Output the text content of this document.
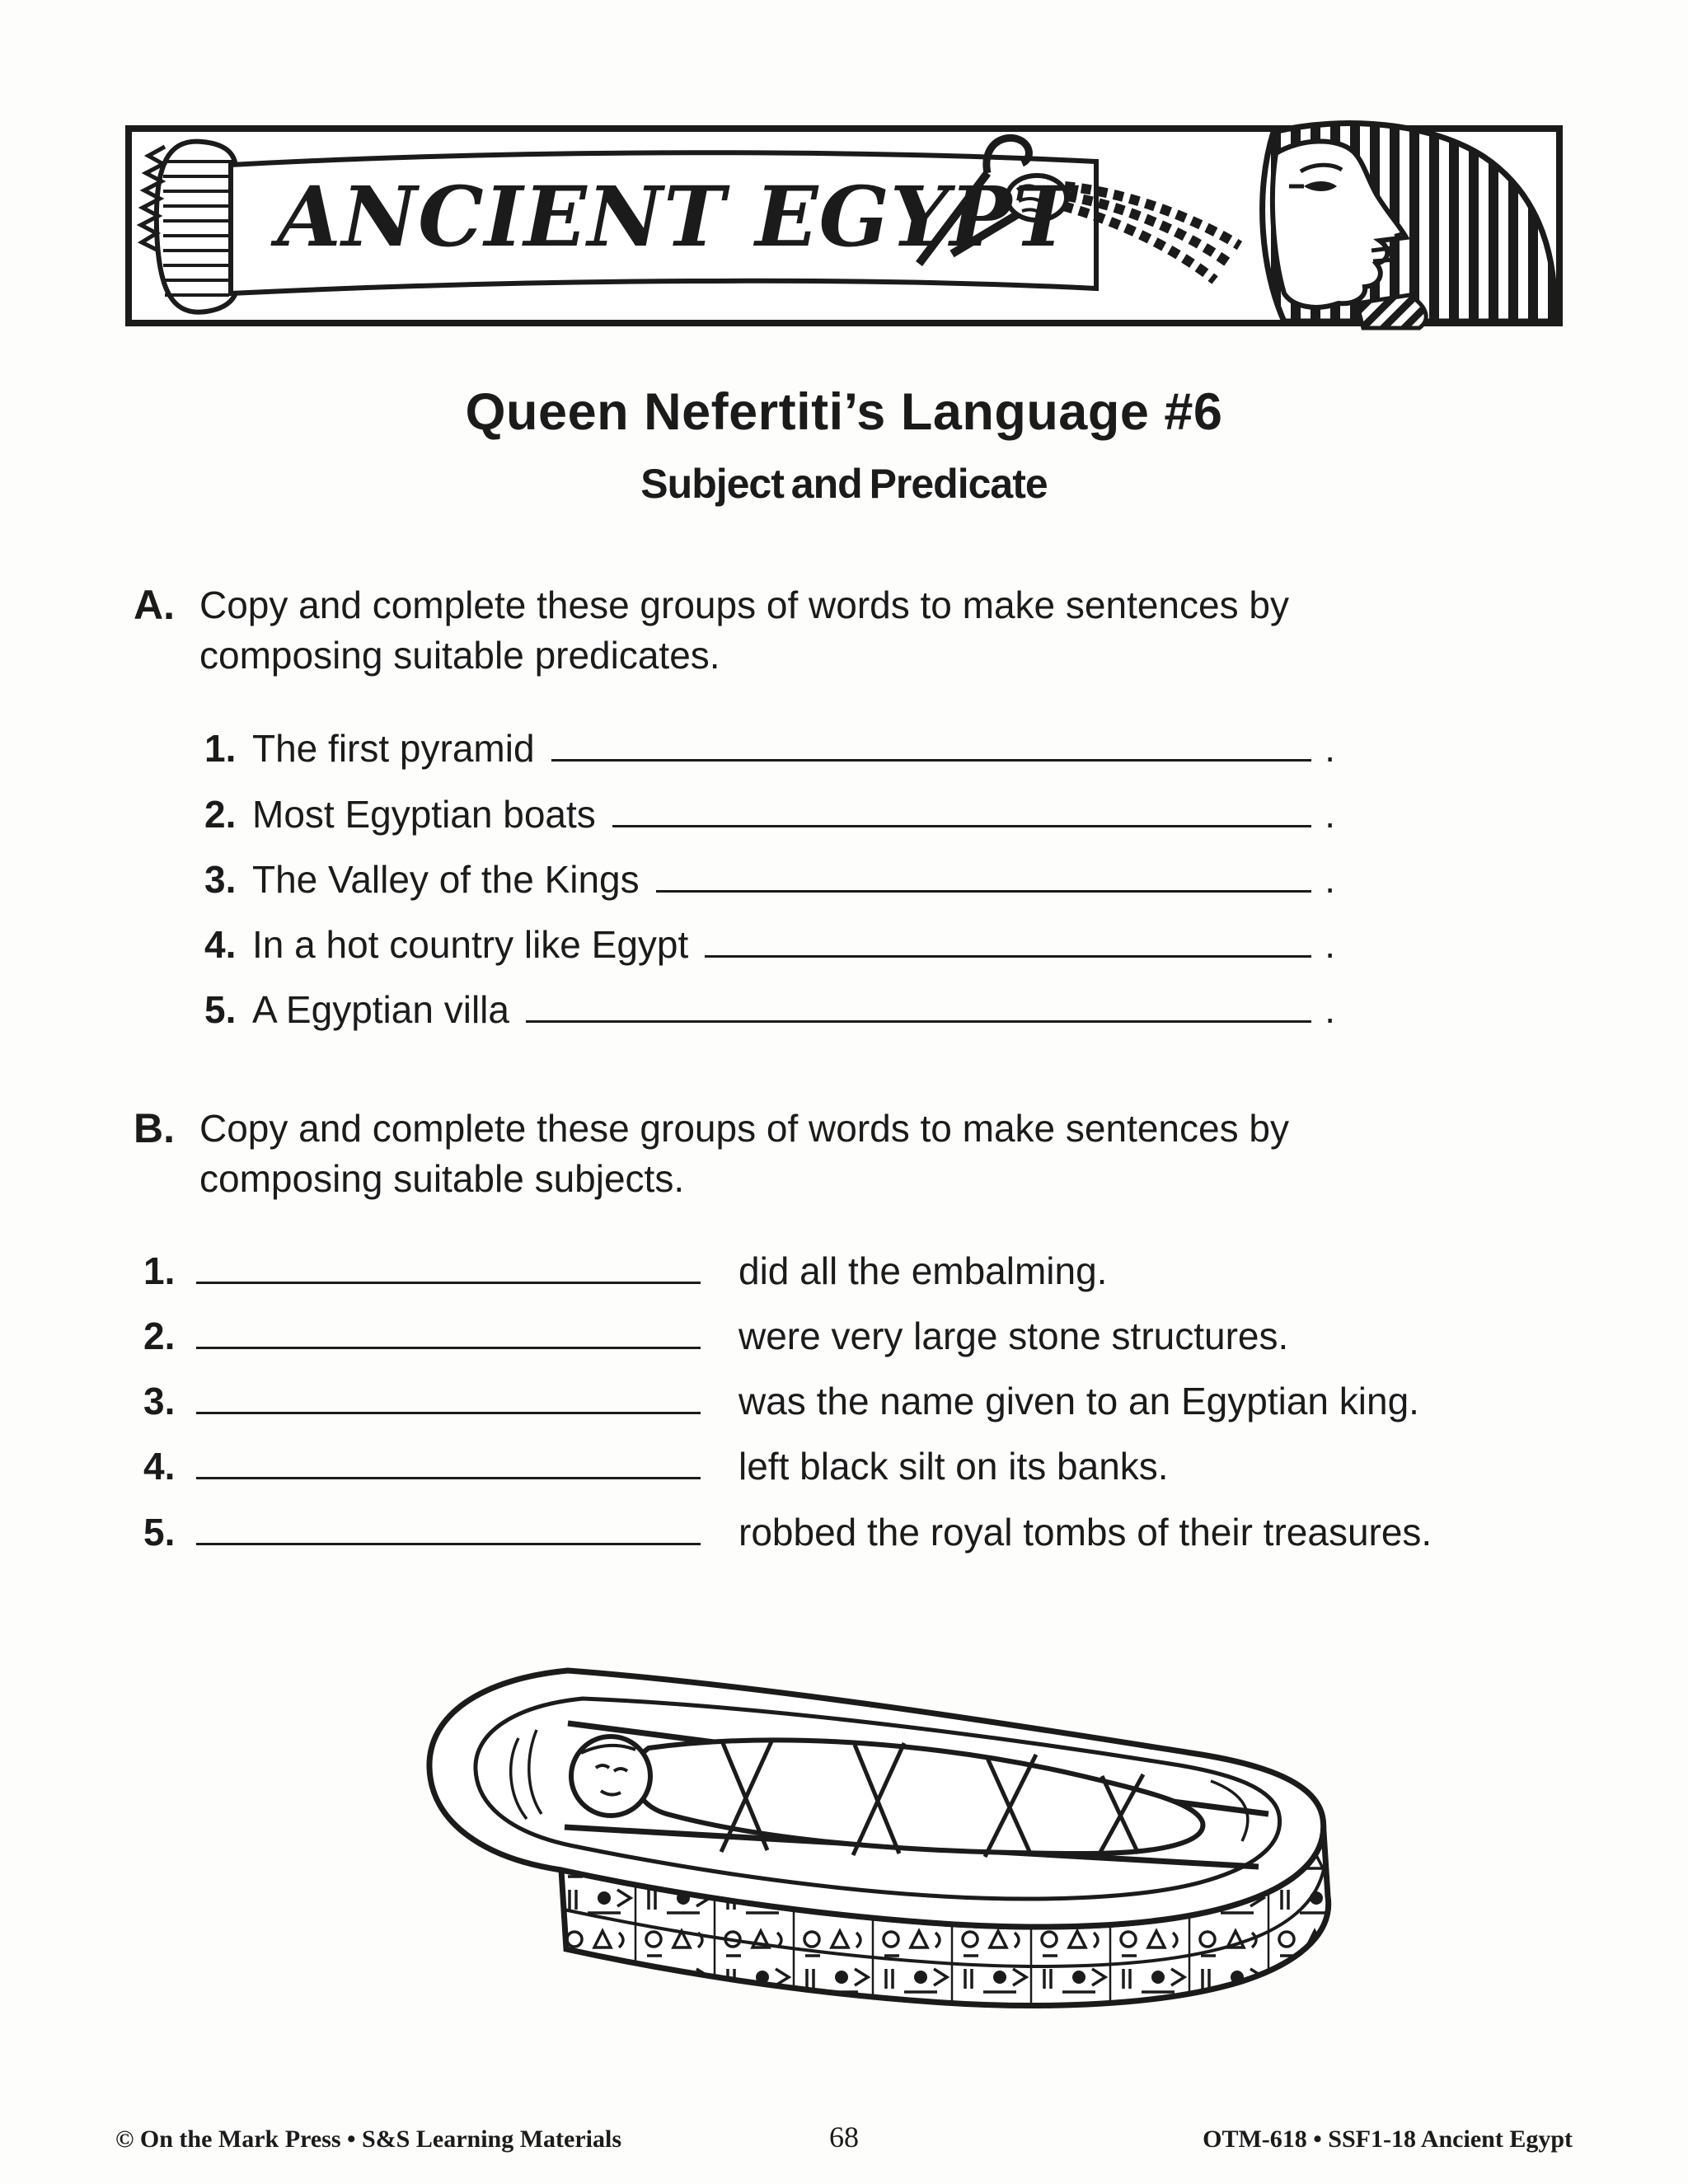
ANCIENT EGYPT
Queen Nefertiti’s Language #6
Subject and Predicate
A. Copy and complete these groups of words to make sentences by composing suitable predicates.

1. The first pyramid	.
2. Most Egyptian boats	.
3. The Valley of the Kings	.
4. In a hot country like Egypt	.
5. A Egyptian villa	.
B. Copy and complete these groups of words to make sentences by composing suitable subjects.

1.	did all the embalming.
2.	were very large stone structures.
3.	was the name given to an Egyptian king.
4.	left black silt on its banks.
5.	robbed the royal tombs of their treasures.
© On the Mark Press • S&S Learning Materials	68	OTM-618 • SSF1-18 Ancient Egypt
